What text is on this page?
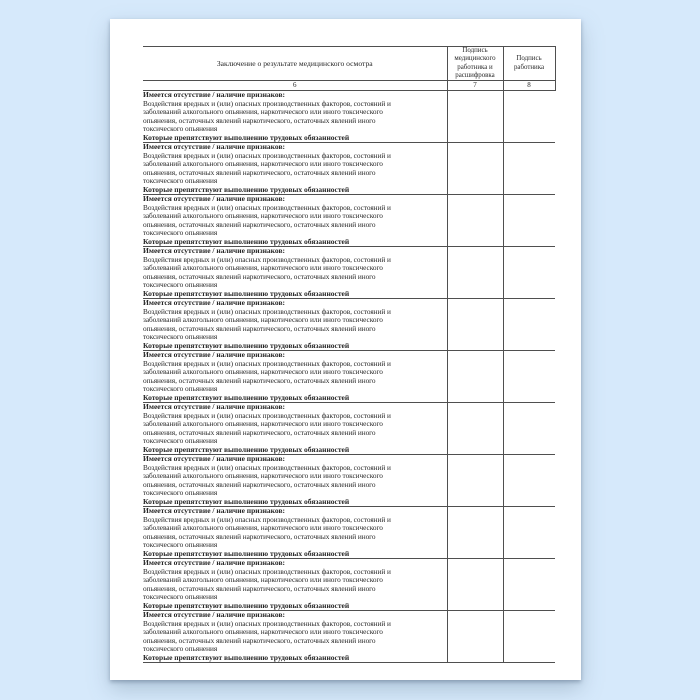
Заключение о результате медицинского осмотра	Подпись медицинского работника и расшифровка	Подпись работника
6	7	8

Имеется отсутствие / наличие признаков:
Воздействия вредных и (или) опасных производственных факторов, состояний и
заболеваний алкогольного опьянения, наркотического или иного токсического
опьянения, остаточных явлений наркотического, остаточных явлений иного
токсического опьянения
Которые препятствуют выполнению трудовых обязанностей

Имеется отсутствие / наличие признаков:
Воздействия вредных и (или) опасных производственных факторов, состояний и
заболеваний алкогольного опьянения, наркотического или иного токсического
опьянения, остаточных явлений наркотического, остаточных явлений иного
токсического опьянения
Которые препятствуют выполнению трудовых обязанностей

Имеется отсутствие / наличие признаков:
Воздействия вредных и (или) опасных производственных факторов, состояний и
заболеваний алкогольного опьянения, наркотического или иного токсического
опьянения, остаточных явлений наркотического, остаточных явлений иного
токсического опьянения
Которые препятствуют выполнению трудовых обязанностей

Имеется отсутствие / наличие признаков:
Воздействия вредных и (или) опасных производственных факторов, состояний и
заболеваний алкогольного опьянения, наркотического или иного токсического
опьянения, остаточных явлений наркотического, остаточных явлений иного
токсического опьянения
Которые препятствуют выполнению трудовых обязанностей

Имеется отсутствие / наличие признаков:
Воздействия вредных и (или) опасных производственных факторов, состояний и
заболеваний алкогольного опьянения, наркотического или иного токсического
опьянения, остаточных явлений наркотического, остаточных явлений иного
токсического опьянения
Которые препятствуют выполнению трудовых обязанностей

Имеется отсутствие / наличие признаков:
Воздействия вредных и (или) опасных производственных факторов, состояний и
заболеваний алкогольного опьянения, наркотического или иного токсического
опьянения, остаточных явлений наркотического, остаточных явлений иного
токсического опьянения
Которые препятствуют выполнению трудовых обязанностей

Имеется отсутствие / наличие признаков:
Воздействия вредных и (или) опасных производственных факторов, состояний и
заболеваний алкогольного опьянения, наркотического или иного токсического
опьянения, остаточных явлений наркотического, остаточных явлений иного
токсического опьянения
Которые препятствуют выполнению трудовых обязанностей

Имеется отсутствие / наличие признаков:
Воздействия вредных и (или) опасных производственных факторов, состояний и
заболеваний алкогольного опьянения, наркотического или иного токсического
опьянения, остаточных явлений наркотического, остаточных явлений иного
токсического опьянения
Которые препятствуют выполнению трудовых обязанностей

Имеется отсутствие / наличие признаков:
Воздействия вредных и (или) опасных производственных факторов, состояний и
заболеваний алкогольного опьянения, наркотического или иного токсического
опьянения, остаточных явлений наркотического, остаточных явлений иного
токсического опьянения
Которые препятствуют выполнению трудовых обязанностей

Имеется отсутствие / наличие признаков:
Воздействия вредных и (или) опасных производственных факторов, состояний и
заболеваний алкогольного опьянения, наркотического или иного токсического
опьянения, остаточных явлений наркотического, остаточных явлений иного
токсического опьянения
Которые препятствуют выполнению трудовых обязанностей

Имеется отсутствие / наличие признаков:
Воздействия вредных и (или) опасных производственных факторов, состояний и
заболеваний алкогольного опьянения, наркотического или иного токсического
опьянения, остаточных явлений наркотического, остаточных явлений иного
токсического опьянения
Которые препятствуют выполнению трудовых обязанностей
